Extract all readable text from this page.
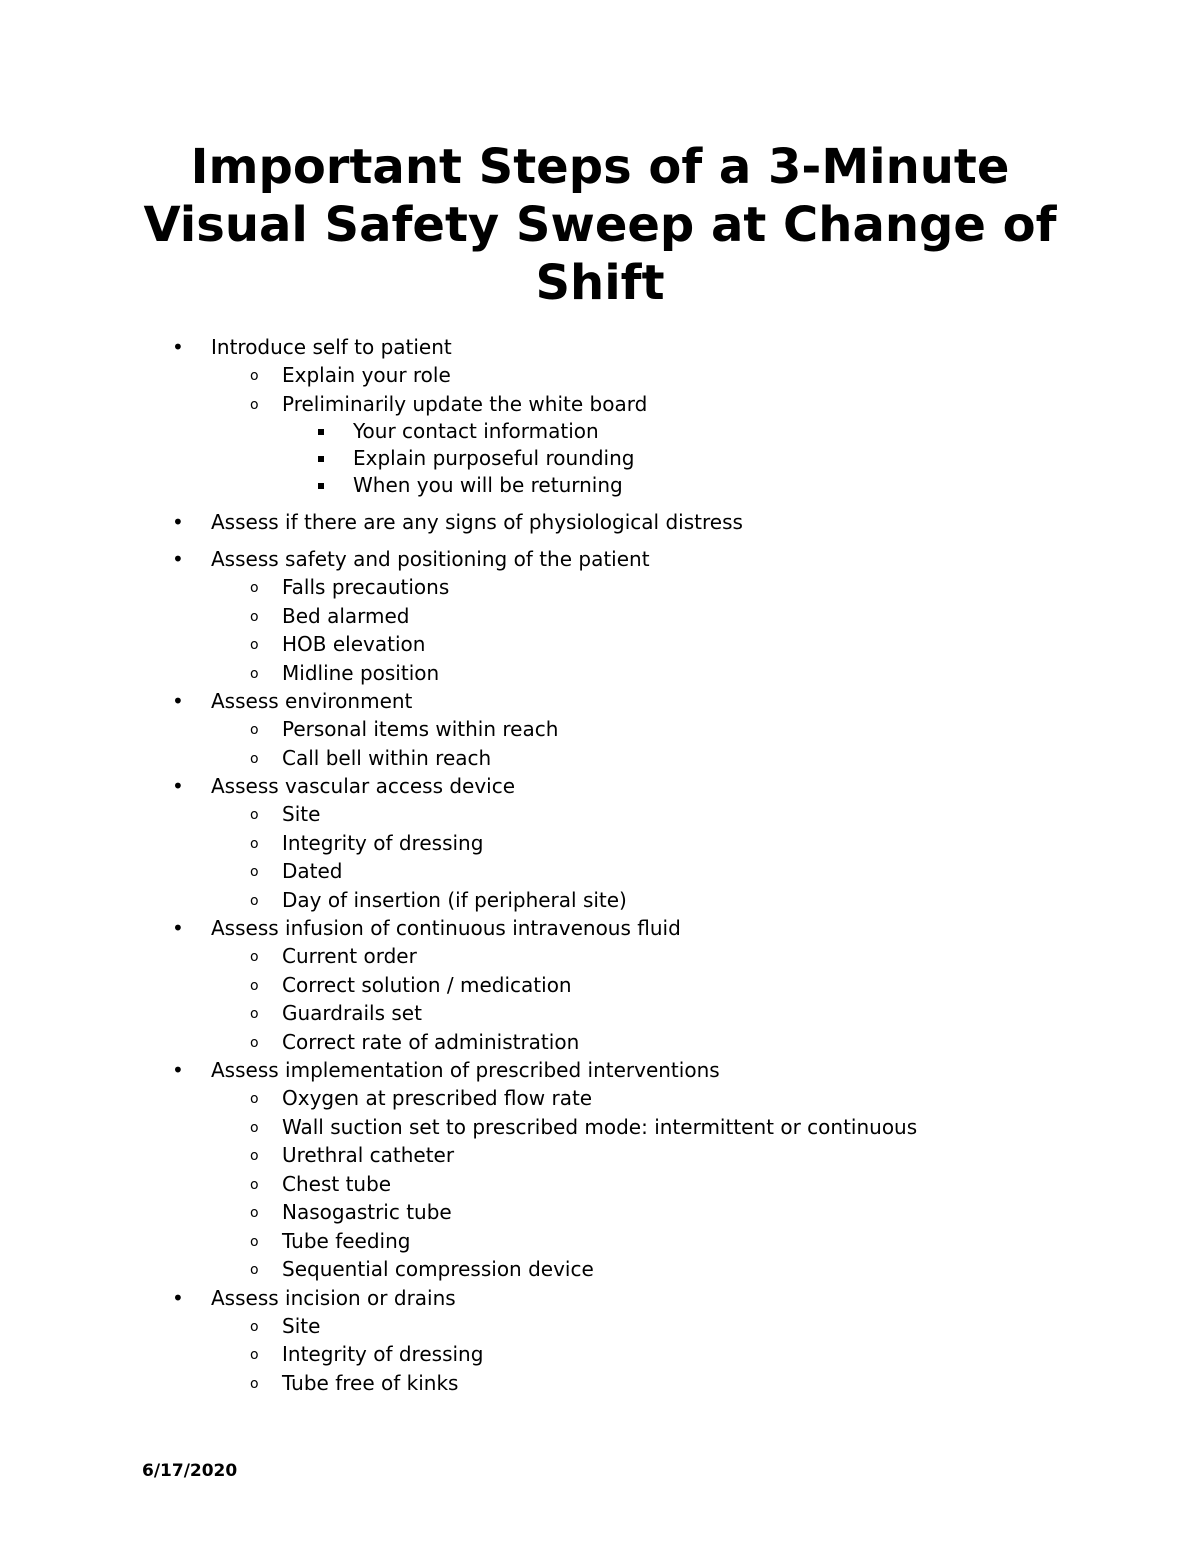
Important Steps of a 3-Minute
Visual Safety Sweep at Change of
Shift
• Introduce self to patient
o Explain your role
o Preliminarily update the white board
Your contact information
Explain purposeful rounding
When you will be returning
• Assess if there are any signs of physiological distress
• Assess safety and positioning of the patient
o Falls precautions
o Bed alarmed
o HOB elevation
o Midline position
• Assess environment
o Personal items within reach
o Call bell within reach
• Assess vascular access device
o Site
o Integrity of dressing
o Dated
o Day of insertion (if peripheral site)
• Assess infusion of continuous intravenous fluid
o Current order
o Correct solution / medication
o Guardrails set
o Correct rate of administration
• Assess implementation of prescribed interventions
o Oxygen at prescribed flow rate
o Wall suction set to prescribed mode: intermittent or continuous
o Urethral catheter
o Chest tube
o Nasogastric tube
o Tube feeding
o Sequential compression device
• Assess incision or drains
o Site
o Integrity of dressing
o Tube free of kinks
6/17/2020
